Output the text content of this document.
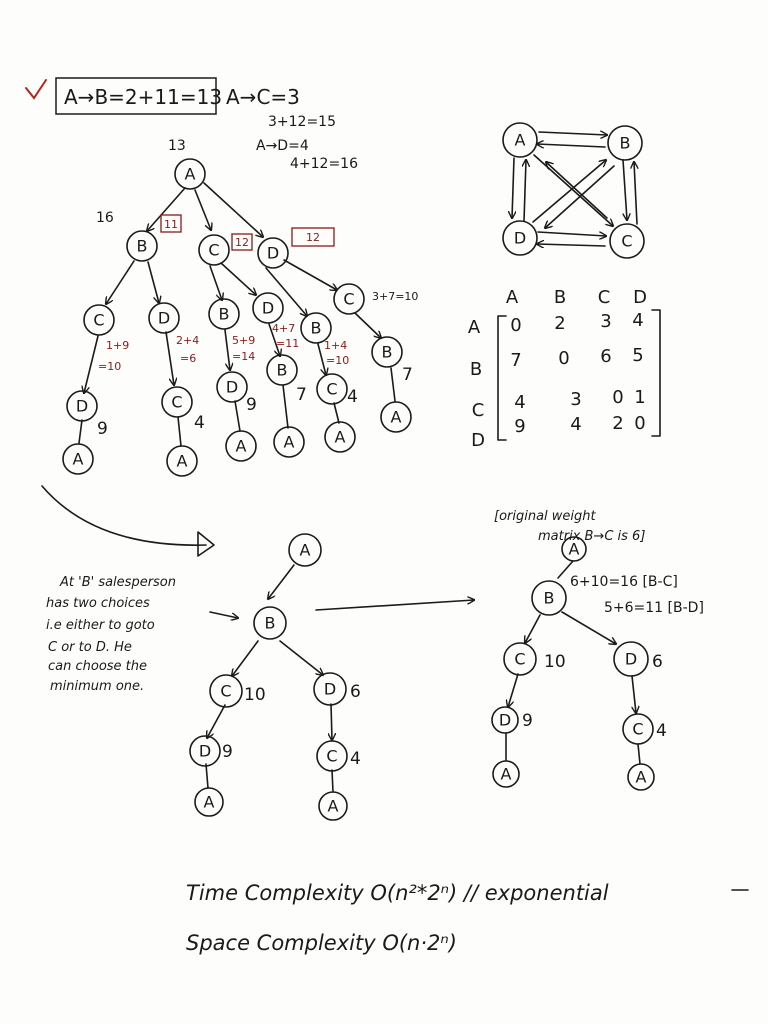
A→B=2+11=13 A→C=3
3+12=15
A→D=4
4+12=16
A
B	C	D
C	D	B D
B
C
D	C
D
B
C
B
A	A
A A	A
A
13
16	11
12	12
3+7=10
1+9
=10
2+4
=6
5+9
=14
4+7
=11 1+4
=10
9	4
9 7 4
7
A	B
D	C
A B C D
A
B
C
D
0 2 3 4
7 0 6 5
4 3 0 1
9 4 2 0
At 'B' salesperson
has two choices
i.e either to goto
C or to D. He
can choose the
minimum one.
A
B
C	D
D	C
A	A
10	6
9	4
[original weight
matrix B→C is 6]
6+10=16 [B-C]
5+6=11 [B-D]
A
B
C	D
D	C
A	A
10	6
9	4
Time Complexity O(n²*2ⁿ) // exponential
Space Complexity O(n·2ⁿ)
